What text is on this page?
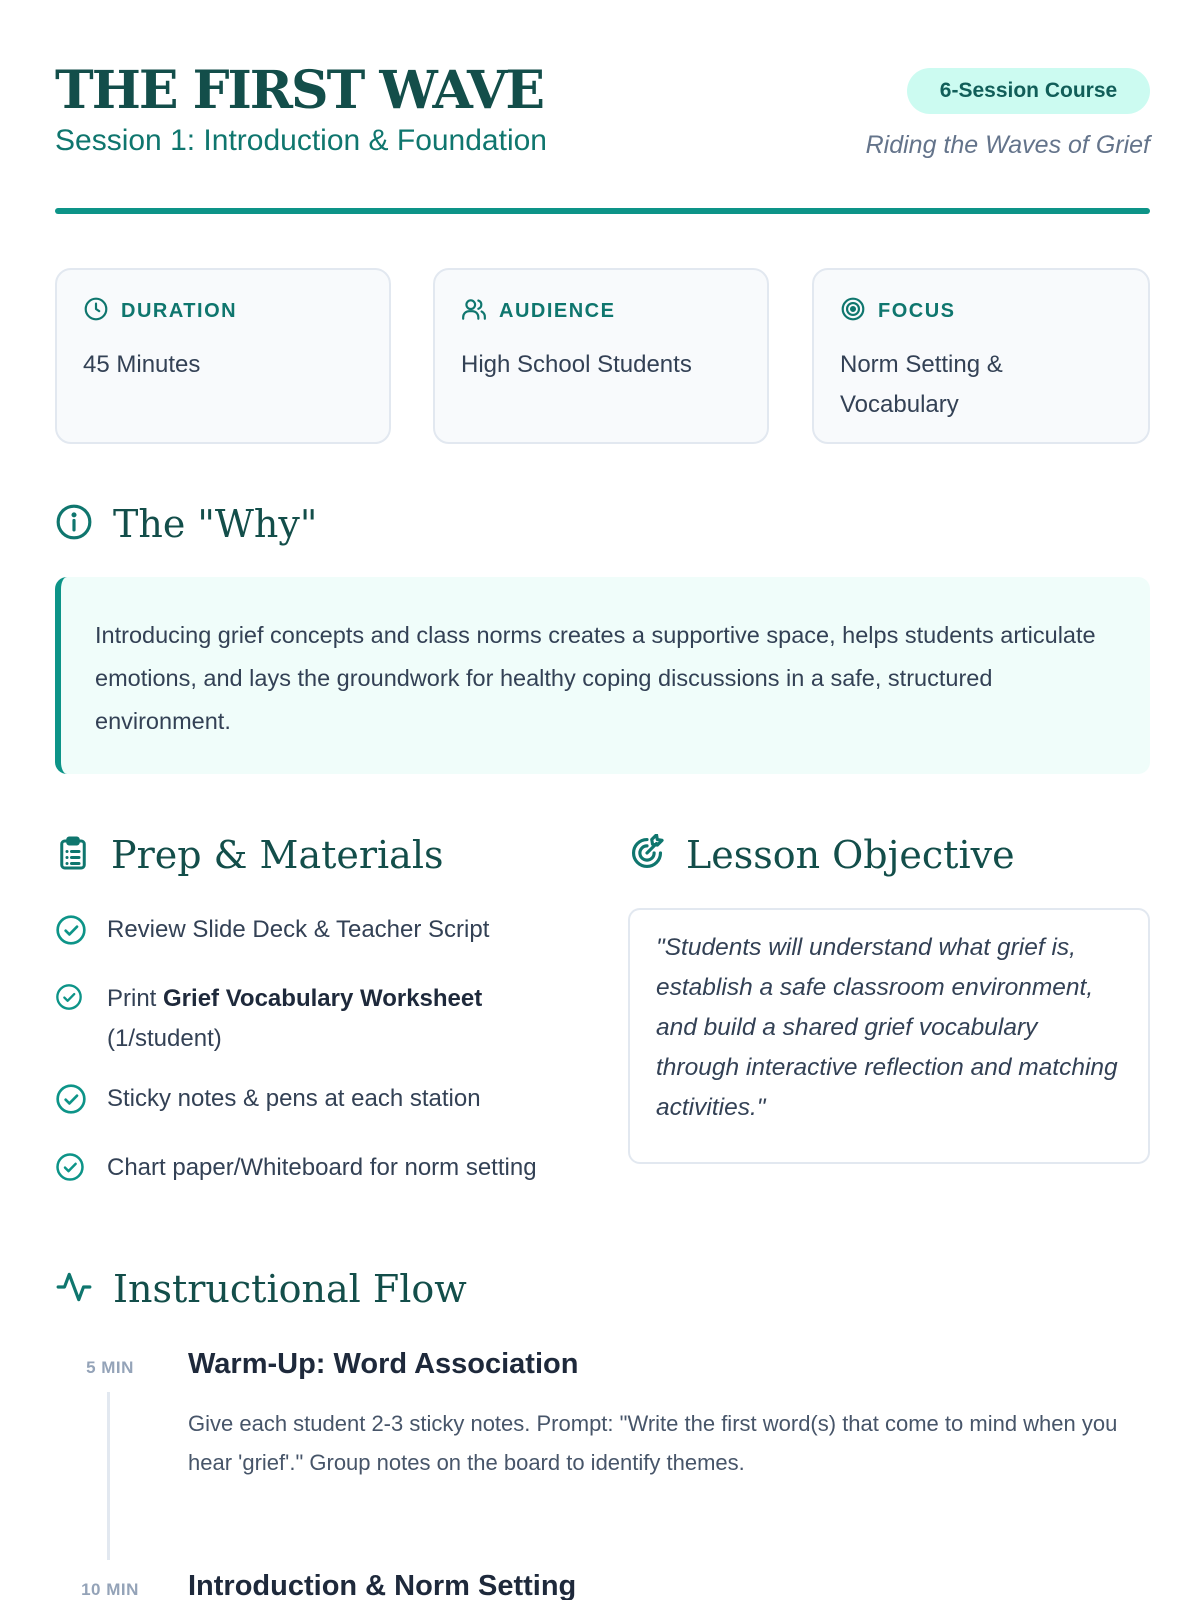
THE FIRST WAVE
Session 1: Introduction & Foundation
6-Session Course
Riding the Waves of Grief
DURATION
45 Minutes
AUDIENCE
High School Students
FOCUS
Norm Setting & Vocabulary
The "Why"
Introducing grief concepts and class norms creates a supportive space, helps students articulate emotions, and lays the groundwork for healthy coping discussions in a safe, structured environment.
Prep & Materials
Review Slide Deck & Teacher Script
Print Grief Vocabulary Worksheet (1/student)
Sticky notes & pens at each station
Chart paper/Whiteboard for norm setting
Lesson Objective
"Students will understand what grief is, establish a safe classroom environment, and build a shared grief vocabulary through interactive reflection and matching activities."
Instructional Flow
5 MIN	Warm-Up: Word Association
Give each student 2-3 sticky notes. Prompt: "Write the first word(s) that come to mind when you hear 'grief'." Group notes on the board to identify themes.
10 MIN	Introduction & Norm Setting
